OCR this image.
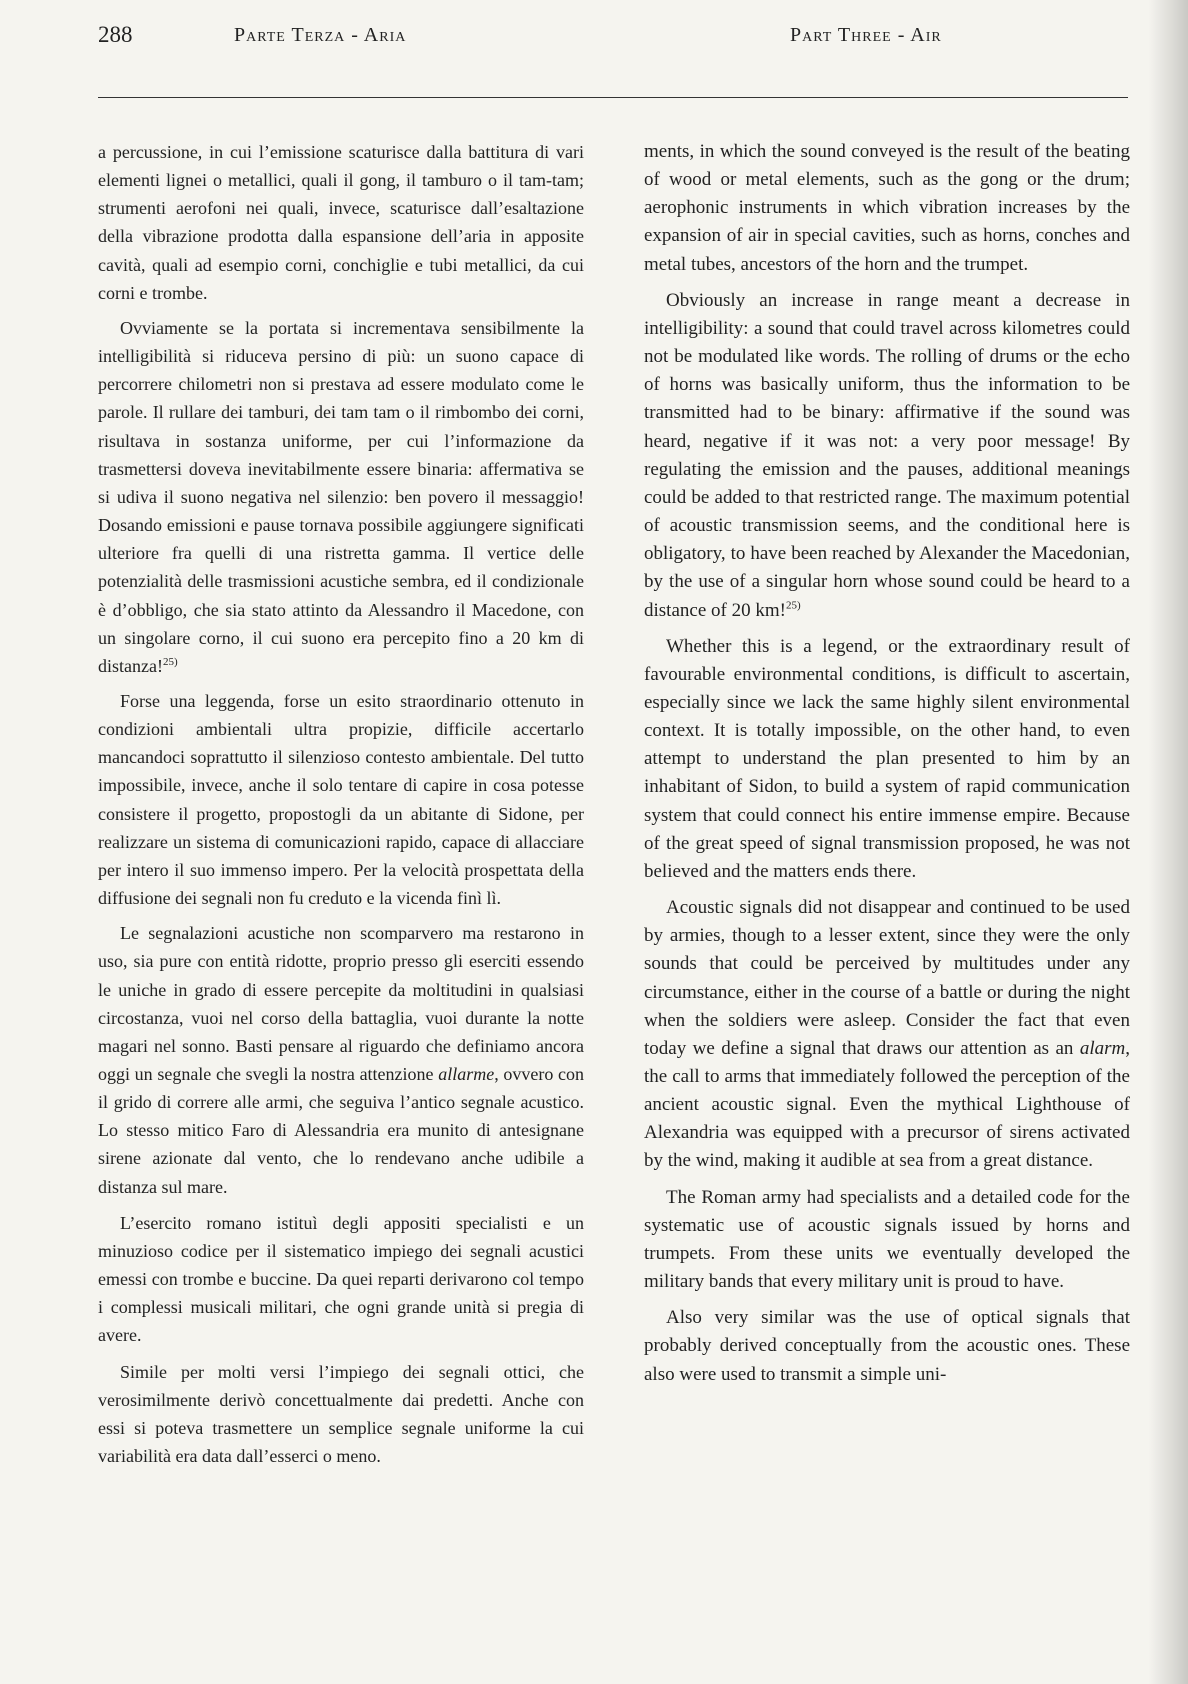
288	Parte Terza - Aria	Part Three - Air

a percussione, in cui l’emissione scaturisce dalla battitura di vari elementi lignei o metallici, quali il gong, il tamburo o il tam-tam; strumenti aerofoni nei quali, invece, scaturisce dall’esaltazione della vibrazione prodotta dalla espansione dell’aria in apposite cavità, quali ad esempio corni, conchiglie e tubi metallici, da cui corni e trombe.

Ovviamente se la portata si incrementava sensibilmente la intelligibilità si riduceva persino di più: un suono capace di percorrere chilometri non si prestava ad essere modulato come le parole. Il rullare dei tamburi, dei tam tam o il rimbombo dei corni, risultava in sostanza uniforme, per cui l’informazione da trasmettersi doveva inevitabilmente essere binaria: affermativa se si udiva il suono negativa nel silenzio: ben povero il messaggio! Dosando emissioni e pause tornava possibile aggiungere significati ulteriore fra quelli di una ristretta gamma. Il vertice delle potenzialità delle trasmissioni acustiche sembra, ed il condizionale è d’obbligo, che sia stato attinto da Alessandro il Macedone, con un singolare corno, il cui suono era percepito fino a 20 km di distanza!$^{25)}$

Forse una leggenda, forse un esito straordinario ottenuto in condizioni ambientali ultra propizie, difficile accertarlo mancandoci soprattutto il silenzioso contesto ambientale. Del tutto impossibile, invece, anche il solo tentare di capire in cosa potesse consistere il progetto, propostogli da un abitante di Sidone, per realizzare un sistema di comunicazioni rapido, capace di allacciare per intero il suo immenso impero. Per la velocità prospettata della diffusione dei segnali non fu creduto e la vicenda finì lì.

Le segnalazioni acustiche non scomparvero ma restarono in uso, sia pure con entità ridotte, proprio presso gli eserciti essendo le uniche in grado di essere percepite da moltitudini in qualsiasi circostanza, vuoi nel corso della battaglia, vuoi durante la notte magari nel sonno. Basti pensare al riguardo che definiamo ancora oggi un segnale che svegli la nostra attenzione allarme, ovvero con il grido di correre alle armi, che seguiva l’antico segnale acustico. Lo stesso mitico Faro di Alessandria era munito di antesignane sirene azionate dal vento, che lo rendevano anche udibile a distanza sul mare.

L’esercito romano istituì degli appositi specialisti e un minuzioso codice per il sistematico impiego dei segnali acustici emessi con trombe e buccine. Da quei reparti derivarono col tempo i complessi musicali militari, che ogni grande unità si pregia di avere.

Simile per molti versi l’impiego dei segnali ottici, che verosimilmente derivò concettualmente dai predetti. Anche con essi si poteva trasmettere un semplice segnale uniforme la cui variabilità era data dall’esserci o meno.

ments, in which the sound conveyed is the result of the beating of wood or metal elements, such as the gong or the drum; aerophonic instruments in which vibration increases by the expansion of air in special cavities, such as horns, conches and metal tubes, ancestors of the horn and the trumpet.

Obviously an increase in range meant a decrease in intelligibility: a sound that could travel across kilometres could not be modulated like words. The rolling of drums or the echo of horns was basically uniform, thus the information to be transmitted had to be binary: affirmative if the sound was heard, negative if it was not: a very poor message! By regulating the emission and the pauses, additional meanings could be added to that restricted range. The maximum potential of acoustic transmission seems, and the conditional here is obligatory, to have been reached by Alexander the Macedonian, by the use of a singular horn whose sound could be heard to a distance of 20 km!$^{25)}$

Whether this is a legend, or the extraordinary result of favourable environmental conditions, is difficult to ascertain, especially since we lack the same highly silent environmental context. It is totally impossible, on the other hand, to even attempt to understand the plan presented to him by an inhabitant of Sidon, to build a system of rapid communication system that could connect his entire immense empire. Because of the great speed of signal transmission proposed, he was not believed and the matters ends there.

Acoustic signals did not disappear and continued to be used by armies, though to a lesser extent, since they were the only sounds that could be perceived by multitudes under any circumstance, either in the course of a battle or during the night when the soldiers were asleep. Consider the fact that even today we define a signal that draws our attention as an alarm, the call to arms that immediately followed the perception of the ancient acoustic signal. Even the mythical Lighthouse of Alexandria was equipped with a precursor of sirens activated by the wind, making it audible at sea from a great distance.

The Roman army had specialists and a detailed code for the systematic use of acoustic signals issued by horns and trumpets. From these units we eventually developed the military bands that every military unit is proud to have.

Also very similar was the use of optical signals that probably derived conceptually from the acoustic ones. These also were used to transmit a simple uni-
